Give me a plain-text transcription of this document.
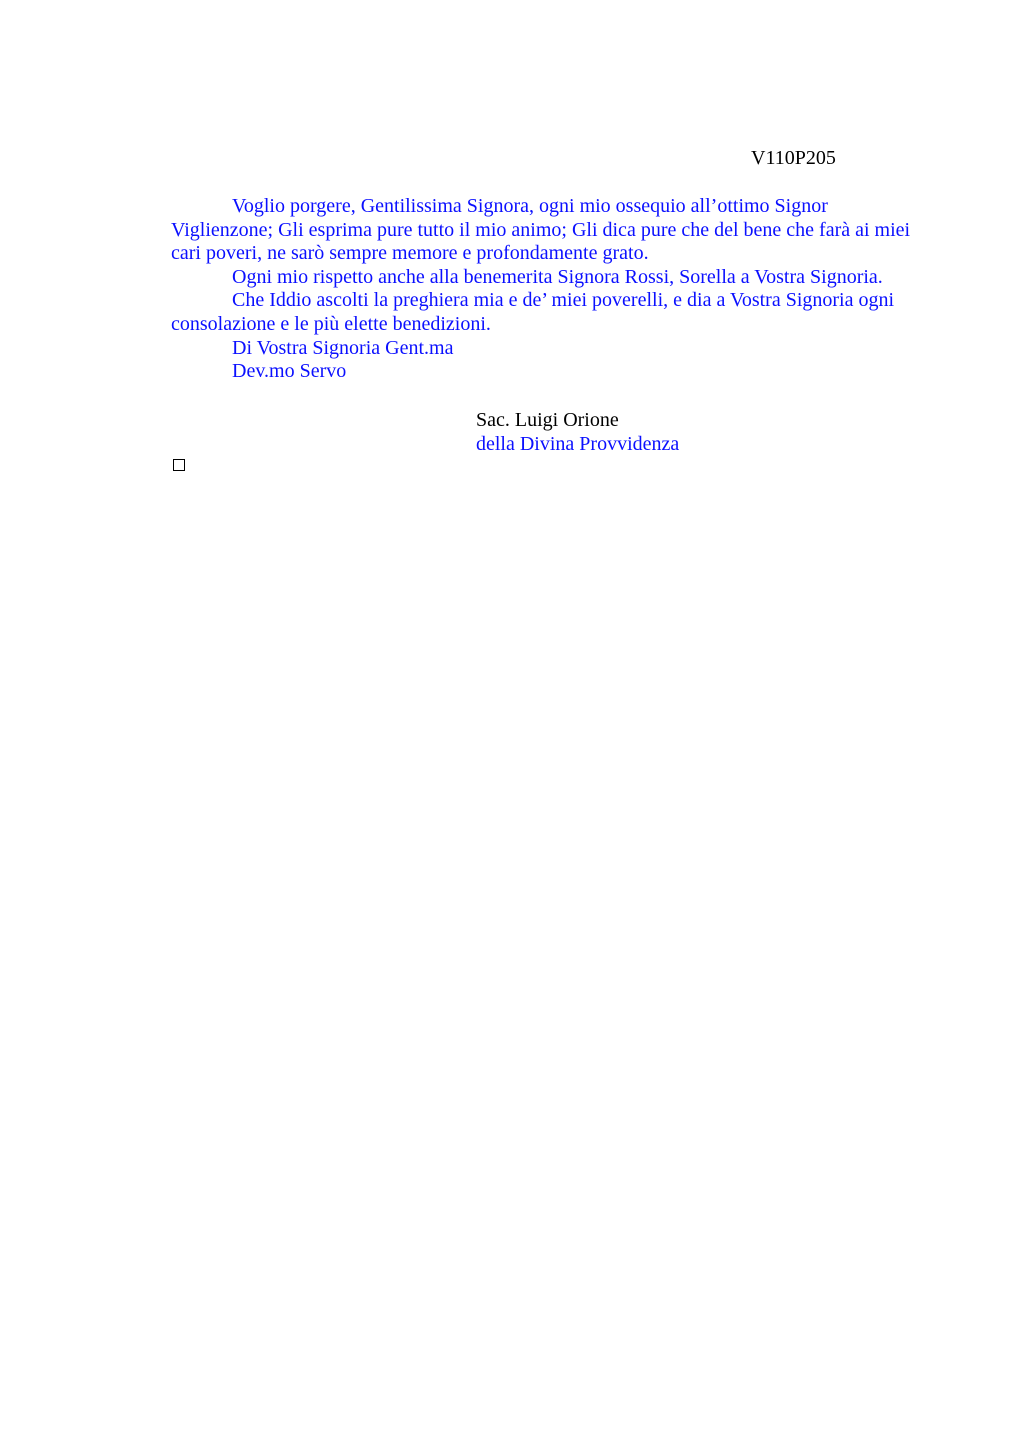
V110P205

Voglio porgere, Gentilissima Signora, ogni mio ossequio all’ottimo Signor Viglienzone; Gli esprima pure tutto il mio animo; Gli dica pure che del bene che farà ai miei cari poveri, ne sarò sempre memore e profondamente grato.

Ogni mio rispetto anche alla benemerita Signora Rossi, Sorella a Vostra Signoria.

Che Iddio ascolti la preghiera mia e de’ miei poverelli, e dia a Vostra Signoria ogni consolazione e le più elette benedizioni.

Di Vostra Signoria Gent.ma

Dev.mo Servo

Sac. Luigi Orione
della Divina Provvidenza
